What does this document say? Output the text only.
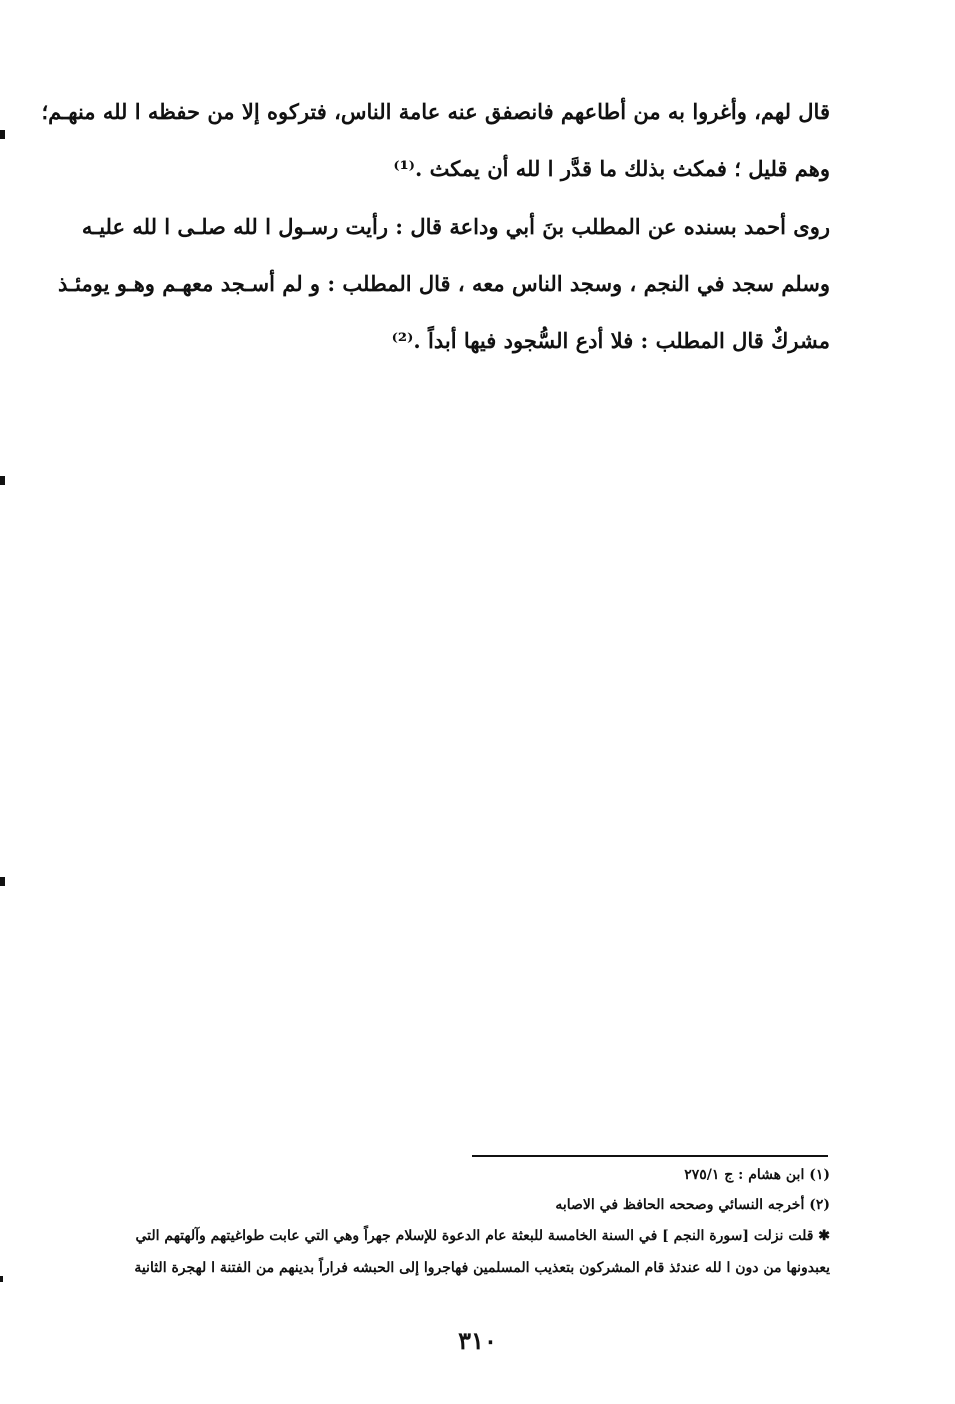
قال لهم، وأغروا به من أطاعهم فانصفق عنه عامة الناس، فتركوه إلا من حفظه ا لله منهـم؛
وهم قليل ؛ فمكث بذلك ما قدَّر ا لله أن يمكث .⁽¹⁾
روى أحمد بسنده عن المطلب بنَ أبي وداعة قال : رأيت رسـول ا لله صلـى ا لله عليـه
وسلم سجد في النجم ، وسجد الناس معه ، قال المطلب : و لم أسـجد معهـم وهـو يومئـذ
مشركٌ قال المطلب : فلا أدع السُّجود فيها أبداً .⁽²⁾
(١) ابن هشام : ج ٢٧٥/١
(٢) أخرجه النسائي وصححه الحافظ في الاصابه
✱ قلت نزلت [سورة النجم ] في السنة الخامسة للبعثة عام الدعوة للإسلام جهراً وهي التي عابت طواغيتهم وآلهتهم التي
يعبدونها من دون ا لله عندئذ قام المشركون بتعذيب المسلمين فهاجروا إلى الحبشه فراراً بدينهم من الفتنة ا لهجرة الثانية
٣١٠
